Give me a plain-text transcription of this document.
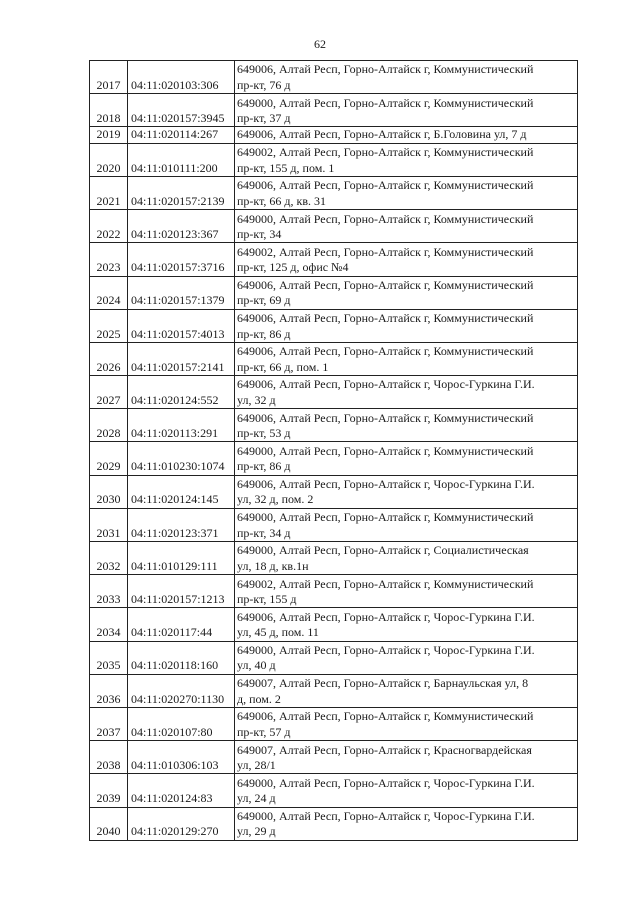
62
2017	04:11:020103:306	649006, Алтай Респ, Горно-Алтайск г, Коммунистический
пр-кт, 76 д

2018	04:11:020157:3945	649000, Алтай Респ, Горно-Алтайск г, Коммунистический
пр-кт, 37 д

2019	04:11:020114:267	649006, Алтай Респ, Горно-Алтайск г, Б.Головина ул, 7 д

2020	04:11:010111:200	649002, Алтай Респ, Горно-Алтайск г, Коммунистический
пр-кт, 155 д, пом. 1

2021	04:11:020157:2139	649006, Алтай Респ, Горно-Алтайск г, Коммунистический
пр-кт, 66 д, кв. 31

2022	04:11:020123:367	649000, Алтай Респ, Горно-Алтайск г, Коммунистический
пр-кт, 34

2023	04:11:020157:3716	649002, Алтай Респ, Горно-Алтайск г, Коммунистический
пр-кт, 125 д, офис №4

2024	04:11:020157:1379	649006, Алтай Респ, Горно-Алтайск г, Коммунистический
пр-кт, 69 д

2025	04:11:020157:4013	649006, Алтай Респ, Горно-Алтайск г, Коммунистический
пр-кт, 86 д

2026	04:11:020157:2141	649006, Алтай Респ, Горно-Алтайск г, Коммунистический
пр-кт, 66 д, пом. 1

2027	04:11:020124:552	649006, Алтай Респ, Горно-Алтайск г, Чорос-Гуркина Г.И.
ул, 32 д

2028	04:11:020113:291	649006, Алтай Респ, Горно-Алтайск г, Коммунистический
пр-кт, 53 д

2029	04:11:010230:1074	649000, Алтай Респ, Горно-Алтайск г, Коммунистический
пр-кт, 86 д

2030	04:11:020124:145	649006, Алтай Респ, Горно-Алтайск г, Чорос-Гуркина Г.И.
ул, 32 д, пом. 2

2031	04:11:020123:371	649000, Алтай Респ, Горно-Алтайск г, Коммунистический
пр-кт, 34 д

2032	04:11:010129:111	649000, Алтай Респ, Горно-Алтайск г, Социалистическая
ул, 18 д, кв.1н

2033	04:11:020157:1213	649002, Алтай Респ, Горно-Алтайск г, Коммунистический
пр-кт, 155 д

2034	04:11:020117:44	649006, Алтай Респ, Горно-Алтайск г, Чорос-Гуркина Г.И.
ул, 45 д, пом. 11

2035	04:11:020118:160	649000, Алтай Респ, Горно-Алтайск г, Чорос-Гуркина Г.И.
ул, 40 д

2036	04:11:020270:1130	649007, Алтай Респ, Горно-Алтайск г, Барнаульская ул, 8
д, пом. 2

2037	04:11:020107:80	649006, Алтай Респ, Горно-Алтайск г, Коммунистический
пр-кт, 57 д

2038	04:11:010306:103	649007, Алтай Респ, Горно-Алтайск г, Красногвардейская
ул, 28/1

2039	04:11:020124:83	649000, Алтай Респ, Горно-Алтайск г, Чорос-Гуркина Г.И.
ул, 24 д

2040	04:11:020129:270	649000, Алтай Респ, Горно-Алтайск г, Чорос-Гуркина Г.И.
ул, 29 д
